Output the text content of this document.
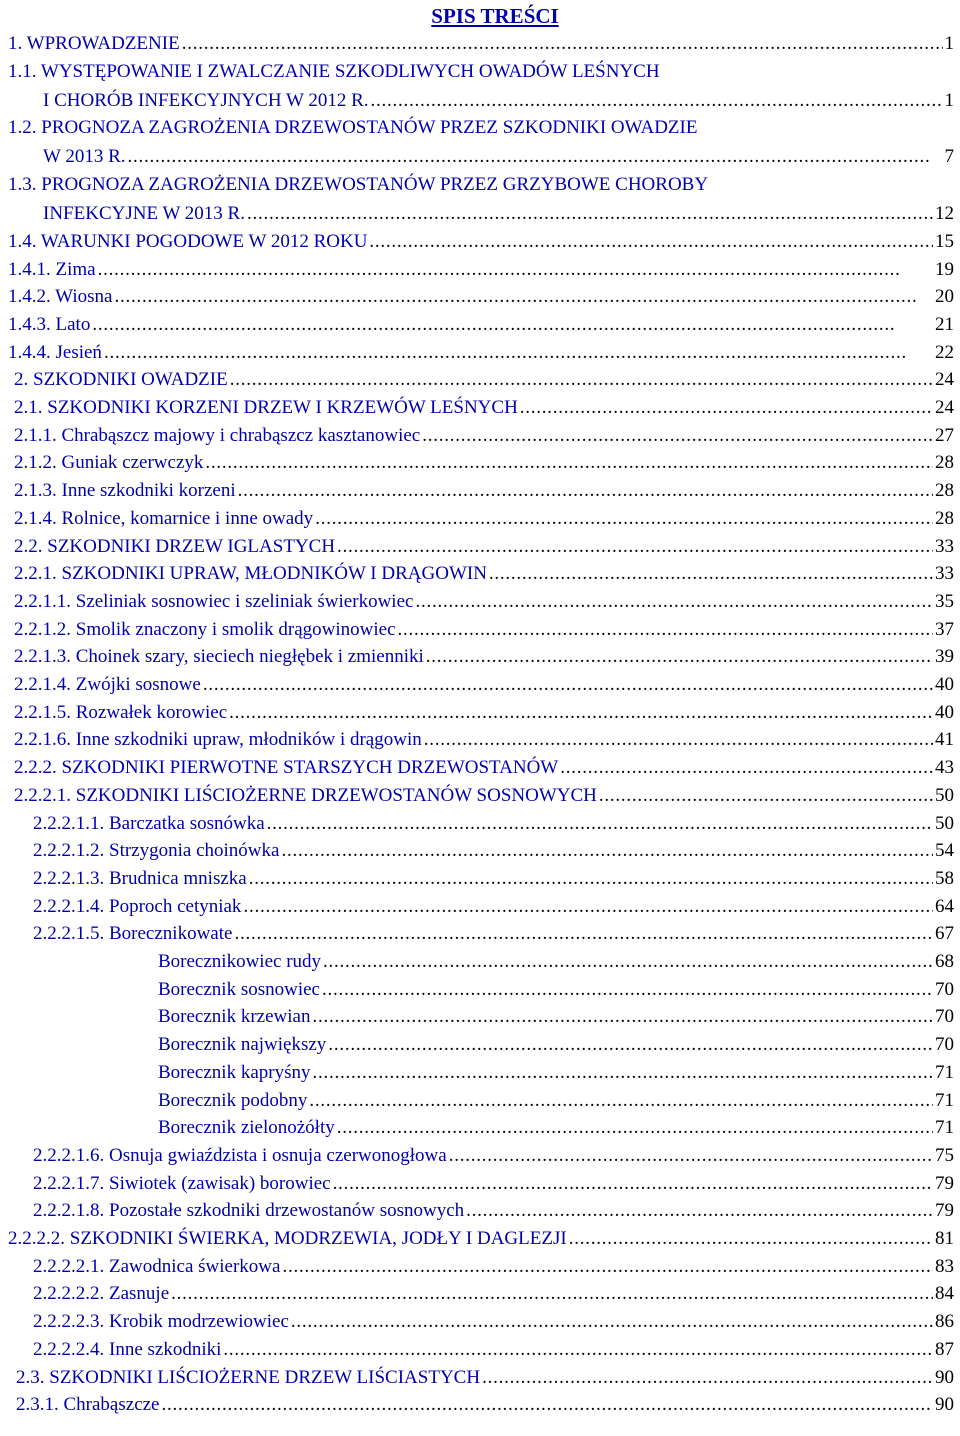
SPIS TREŚCI
1. WPROWADZENIE . . .	1
1.1. WYSTĘPOWANIE I ZWALCZANIE SZKODLIWYCH OWADÓW LEŚNYCH
I CHORÓB INFEKCYJNYCH W 2012 R. . . .	1
1.2. PROGNOZA ZAGROŻENIA DRZEWOSTANÓW PRZEZ SZKODNIKI OWADZIE
W 2013 R. . . .	7
1.3. PROGNOZA ZAGROŻENIA DRZEWOSTANÓW PRZEZ GRZYBOWE CHOROBY
INFEKCYJNE W 2013 R. . . .	12
1.4. WARUNKI POGODOWE W 2012 ROKU . . .	15
1.4.1. Zima . . .	19
1.4.2. Wiosna . . .	20
1.4.3. Lato . . .	21
1.4.4. Jesień . . .	22
2. SZKODNIKI OWADZIE . . .	24
2.1. SZKODNIKI KORZENI DRZEW I KRZEWÓW LEŚNYCH . . .	24
2.1.1. Chrabąszcz majowy i chrabąszcz kasztanowiec . . .	27
2.1.2. Guniak czerwczyk . . .	28
2.1.3. Inne szkodniki korzeni . . .	28
2.1.4. Rolnice, komarnice i inne owady . . .	28
2.2. SZKODNIKI DRZEW IGLASTYCH . . .	33
2.2.1. SZKODNIKI UPRAW, MŁODNIKÓW I DRĄGOWIN . . .	33
2.2.1.1. Szeliniak sosnowiec i szeliniak świerkowiec . . .	35
2.2.1.2. Smolik znaczony i smolik drągowinowiec . . .	37
2.2.1.3. Choinek szary, sieciech niegłębek i zmienniki . . .	39
2.2.1.4. Zwójki sosnowe . . .	40
2.2.1.5. Rozwałek korowiec . . .	40
2.2.1.6. Inne szkodniki upraw, młodników i drągowin . . .	41
2.2.2. SZKODNIKI PIERWOTNE STARSZYCH DRZEWOSTANÓW . . .	43
2.2.2.1. SZKODNIKI LIŚCIOŻERNE DRZEWOSTANÓW SOSNOWYCH . . .	50
2.2.2.1.1. Barczatka sosnówka . . .	50
2.2.2.1.2. Strzygonia choinówka . . .	54
2.2.2.1.3. Brudnica mniszka . . .	58
2.2.2.1.4. Poproch cetyniak . . .	64
2.2.2.1.5. Borecznikowate . . .	67
Borecznikowiec rudy . . .	68
Borecznik sosnowiec . . .	70
Borecznik krzewian . . .	70
Borecznik największy . . .	70
Borecznik kapryśny . . .	71
Borecznik podobny . . .	71
Borecznik zielonożółty . . .	71
2.2.2.1.6. Osnuja gwiaździsta i osnuja czerwonogłowa . . .	75
2.2.2.1.7. Siwiotek (zawisak) borowiec . . .	79
2.2.2.1.8. Pozostałe szkodniki drzewostanów sosnowych . . .	79
2.2.2.2. SZKODNIKI ŚWIERKA, MODRZEWIA, JODŁY I DAGLEZJI . . .	81
2.2.2.2.1. Zawodnica świerkowa . . .	83
2.2.2.2.2. Zasnuje . . .	84
2.2.2.2.3. Krobik modrzewiowiec . . .	86
2.2.2.2.4. Inne szkodniki . . .	87
2.3. SZKODNIKI LIŚCIOŻERNE DRZEW LIŚCIASTYCH . . .	90
2.3.1. Chrabąszcze . . .	90
